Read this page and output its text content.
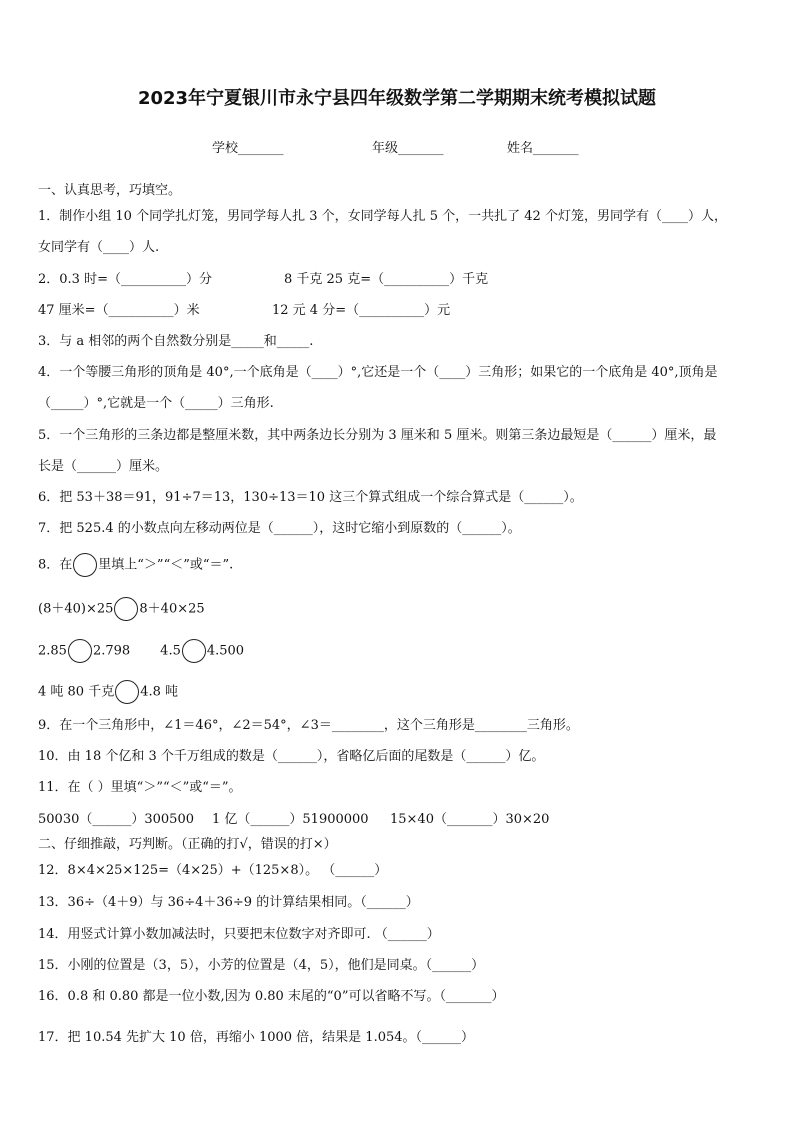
2023年宁夏银川市永宁县四年级数学第二学期期末统考模拟试题
学校_______	年级_______	姓名_______
一、认真思考，巧填空。
1．制作小组 10 个同学扎灯笼，男同学每人扎 3 个，女同学每人扎 5 个，一共扎了 42 个灯笼，男同学有（____）人，
女同学有（____）人.
2．0.3 时=（__________）分	8 千克 25 克=（__________）千克
47 厘米=（__________）米	12 元 4 分=（__________）元
3．与 a 相邻的两个自然数分别是_____和_____.
4．一个等腰三角形的顶角是 40°,一个底角是（____）°,它还是一个（____）三角形；如果它的一个底角是 40°,顶角是
（_____）°,它就是一个（_____）三角形.
5．一个三角形的三条边都是整厘米数，其中两条边长分别为 3 厘米和 5 厘米。则第三条边最短是（______）厘米，最
长是（______）厘米。
6．把 53＋38＝91，91÷7＝13，130÷13＝10 这三个算式组成一个综合算式是（______）。
7．把 525.4 的小数点向左移动两位是（______），这时它缩小到原数的（______）。
8．在 里填上“＞”“＜”或“＝”.
(8＋40)×25 8＋40×25
2.85 2.798 4.5 4.500
4 吨 80 千克 4.8 吨
9．在一个三角形中，∠1＝46°，∠2＝54°，∠3＝________，这个三角形是________三角形。
10．由 18 个亿和 3 个千万组成的数是（______），省略亿后面的尾数是（______）亿。
11．在（ ）里填“＞”“＜”或“＝”。
50030（______）300500 1 亿（______）51900000 15×40（_______）30×20
二、仔细推敲，巧判断。（正确的打√，错误的打×）
12．8×4×25×125=（4×25）+（125×8）。 （______）
13．36÷（4＋9）与 36÷4＋36÷9 的计算结果相同。（______）
14．用竖式计算小数加减法时，只要把末位数字对齐即可. （______）
15．小刚的位置是（3，5），小芳的位置是（4，5），他们是同桌。（______）
16．0.8 和 0.80 都是一位小数,因为 0.80 末尾的“0”可以省略不写。（_______）
17．把 10.54 先扩大 10 倍，再缩小 1000 倍，结果是 1.054。（______）
